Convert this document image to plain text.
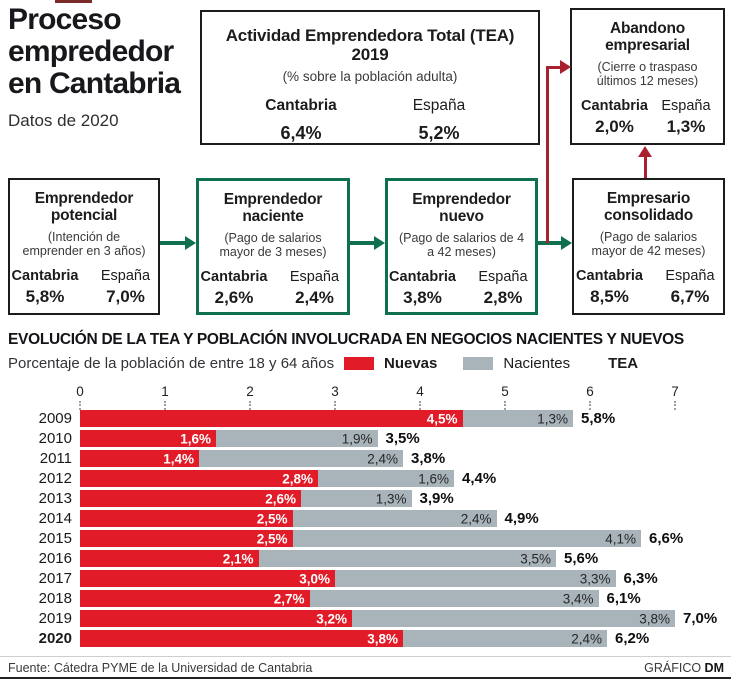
Proceso
emprededor
en Cantabria
Datos de 2020
Actividad Emprendedora Total (TEA) 2019
(% sobre la población adulta)
Cantabria
6,4%
España
5,2%
Abandono empresarial
(Cierre o traspaso últimos 12 meses)
Cantabria
2,0%
España
1,3%
Emprendedor potencial
(Intención de emprender en 3 años)
Cantabria
5,8%
España
7,0%
Emprendedor naciente
(Pago de salarios mayor de 3 meses)
Cantabria
2,6%
España
2,4%
Emprendedor nuevo
(Pago de salarios de 4 a 42 meses)
Cantabria
3,8%
España
2,8%
Empresario consolidado
(Pago de salarios mayor de 42 meses)
Cantabria
8,5%
España
6,7%
EVOLUCIÓN DE LA TEA Y POBLACIÓN INVOLUCRADA EN NEGOCIOS NACIENTES Y NUEVOS
Porcentaje de la población de entre 18 y 64 años	Nuevas	Nacientes	TEA
0	1	2	3	4	5	6	7
2009	4,5%	1,3% 5,8%
2010	1,6%	1,9% 3,5%
2011	1,4%	2,4% 3,8%
2012	2,8%	1,6% 4,4%
2013	2,6%	1,3% 3,9%
2014	2,5%	2,4% 4,9%
2015	2,5%	4,1% 6,6%
2016	2,1%	3,5% 5,6%
2017	3,0%	3,3% 6,3%
2018	2,7%	3,4% 6,1%
2019	3,2%	3,8% 7,0%
2020	3,8%	2,4% 6,2%
Fuente: Cátedra PYME de la Universidad de Cantabria	GRÁFICO DM
